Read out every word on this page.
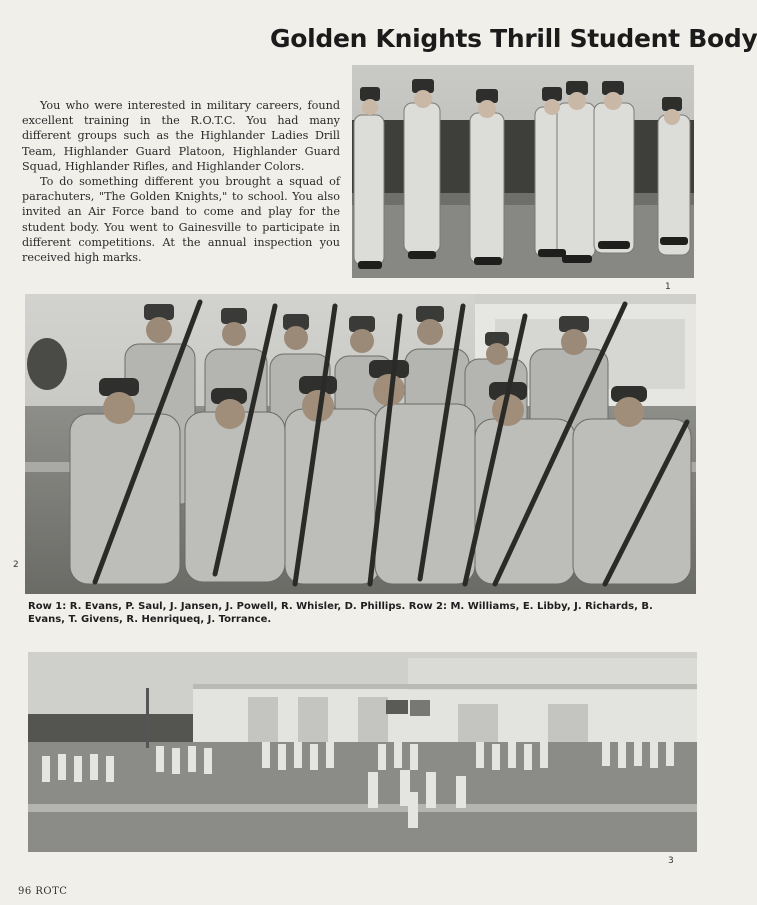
Golden Knights Thrill Student Body

You who were interested in military careers, found excellent training in the R.O.T.C. You had many different groups such as the Highlander Ladies Drill Team, Highlander Guard Platoon, Highlander Guard Squad, Highlander Rifles, and Highlander Colors.

To do something different you brought a squad of parachuters, "The Golden Knights," to school. You also invited an Air Force band to come and play for the student body. You went to Gainesville to participate in different competitions. At the annual inspection you received high marks.

1
2
Row 1: R. Evans, P. Saul, J. Jansen, J. Powell, R. Whisler, D. Phillips. Row 2: M. Williams, E. Libby, J. Richards, B. Evans, T. Givens, R. Henriqueq, J. Torrance.
3
96 ROTC
